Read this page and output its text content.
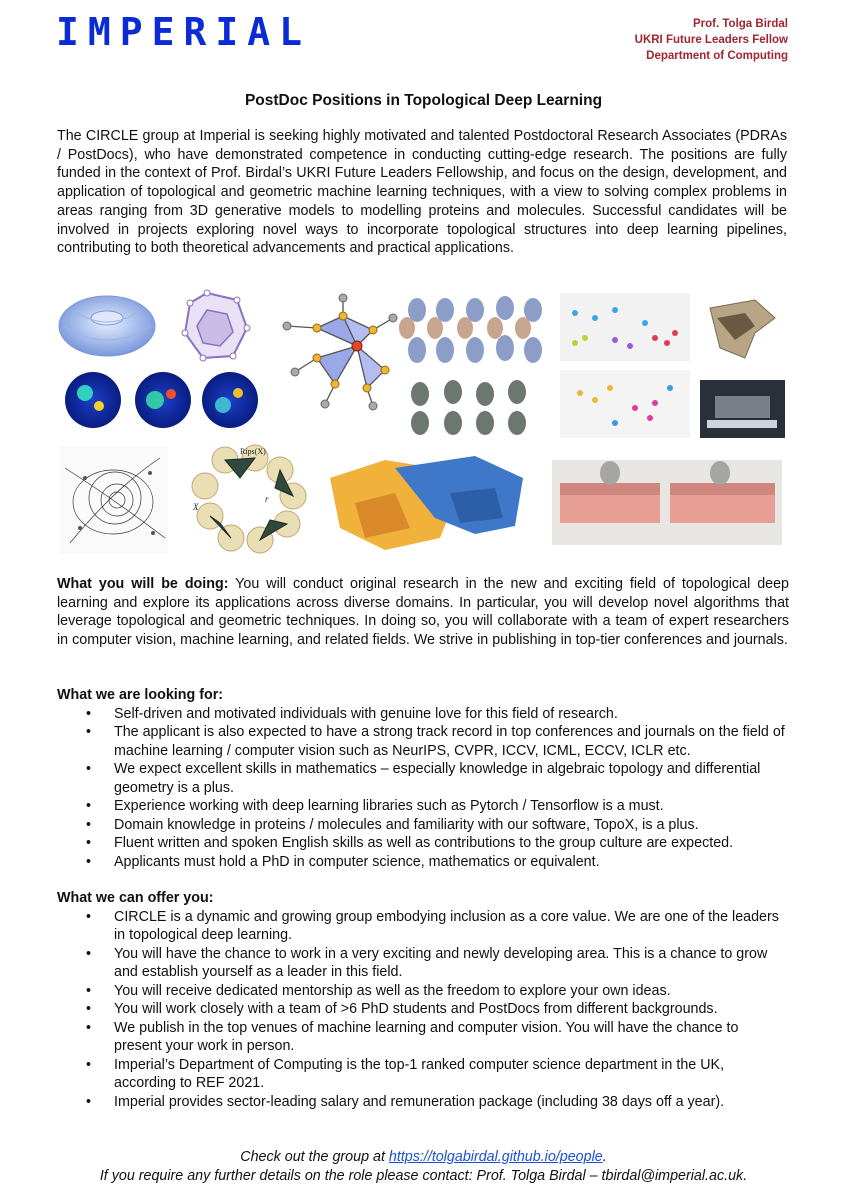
IMPERIAL	Prof. Tolga Birdal
UKRI Future Leaders Fellow
Department of Computing
PostDoc Positions in Topological Deep Learning

The CIRCLE group at Imperial is seeking highly motivated and talented Postdoctoral Research Associates (PDRAs / PostDocs), who have demonstrated competence in conducting cutting-edge research. The positions are fully funded in the context of Prof. Birdal’s UKRI Future Leaders Fellowship, and focus on the design, development, and application of topological and geometric machine learning techniques, with a view to solving complex problems in areas ranging from 3D generative models to modelling proteins and molecules. Successful candidates will be involved in projects exploring novel ways to incorporate topological structures into deep learning pipelines, contributing to both theoretical advancements and practical applications.

Rips(X)
X
r

What you will be doing: You will conduct original research in the new and exciting field of topological deep learning and explore its applications across diverse domains. In particular, you will develop novel algorithms that leverage topological and geometric techniques. In doing so, you will collaborate with a team of expert researchers in computer vision, machine learning, and related fields. We strive in publishing in top-tier conferences and journals.

What we are looking for:

• Self-driven and motivated individuals with genuine love for this field of research.
• The applicant is also expected to have a strong track record in top conferences and journals on the field of machine learning / computer vision such as NeurIPS, CVPR, ICCV, ICML, ECCV, ICLR etc.
• We expect excellent skills in mathematics – especially knowledge in algebraic topology and differential geometry is a plus.
• Experience working with deep learning libraries such as Pytorch / Tensorflow is a must.
• Domain knowledge in proteins / molecules and familiarity with our software, TopoX, is a plus.
• Fluent written and spoken English skills as well as contributions to the group culture are expected.
• Applicants must hold a PhD in computer science, mathematics or equivalent.

What we can offer you:

• CIRCLE is a dynamic and growing group embodying inclusion as a core value. We are one of the leaders in topological deep learning.
• You will have the chance to work in a very exciting and newly developing area. This is a chance to grow and establish yourself as a leader in this field.
• You will receive dedicated mentorship as well as the freedom to explore your own ideas.
• You will work closely with a team of >6 PhD students and PostDocs from different backgrounds.
• We publish in the top venues of machine learning and computer vision. You will have the chance to present your work in person.
• Imperial’s Department of Computing is the top-1 ranked computer science department in the UK, according to REF 2021.
• Imperial provides sector-leading salary and remuneration package (including 38 days off a year).
Check out the group at https://tolgabirdal.github.io/people.
If you require any further details on the role please contact: Prof. Tolga Birdal – tbirdal@imperial.ac.uk.
